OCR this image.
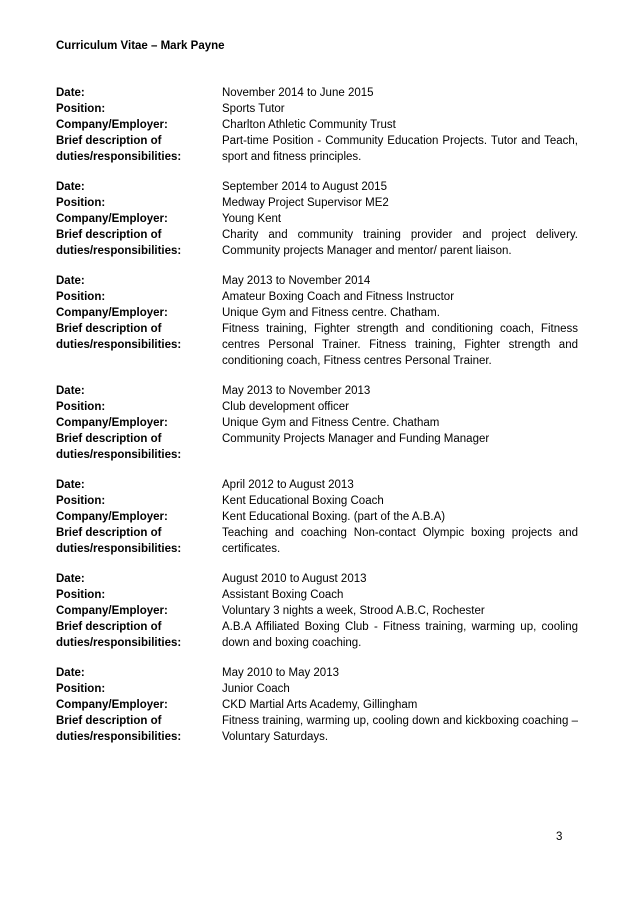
Curriculum Vitae – Mark Payne
Date:	November 2014 to June 2015
Position:	Sports Tutor
Company/Employer:	Charlton Athletic Community Trust
Brief description of
duties/responsibilities:
Part-time Position - Community Education Projects. Tutor and Teach, sport and fitness principles.
Date:	September 2014 to August 2015
Position:	Medway Project Supervisor ME2
Company/Employer:	Young Kent
Brief description of
duties/responsibilities:
Charity and community training provider and project delivery. Community projects Manager and mentor/ parent liaison.
Date:	May 2013 to November 2014
Position:	Amateur Boxing Coach and Fitness Instructor
Company/Employer:	Unique Gym and Fitness centre. Chatham.
Brief description of
duties/responsibilities:
Fitness training, Fighter strength and conditioning coach, Fitness centres Personal Trainer. Fitness training, Fighter strength and conditioning coach, Fitness centres Personal Trainer.
Date:	May 2013 to November 2013
Position:	Club development officer
Company/Employer:	Unique Gym and Fitness Centre. Chatham
Brief description of
duties/responsibilities:
Community Projects Manager and Funding Manager
Date:	April 2012 to August 2013
Position:	Kent Educational Boxing Coach
Company/Employer:	Kent Educational Boxing. (part of the A.B.A)
Brief description of
duties/responsibilities:
Teaching and coaching Non-contact Olympic boxing projects and certificates.
Date:	August 2010 to August 2013
Position:	Assistant Boxing Coach
Company/Employer:	Voluntary 3 nights a week, Strood A.B.C, Rochester
Brief description of
duties/responsibilities:
A.B.A Affiliated Boxing Club - Fitness training, warming up, cooling down and boxing coaching.
Date:	May 2010 to May 2013
Position:	Junior Coach
Company/Employer:	CKD Martial Arts Academy, Gillingham
Brief description of
duties/responsibilities:
Fitness training, warming up, cooling down and kickboxing coaching – Voluntary Saturdays.
3
